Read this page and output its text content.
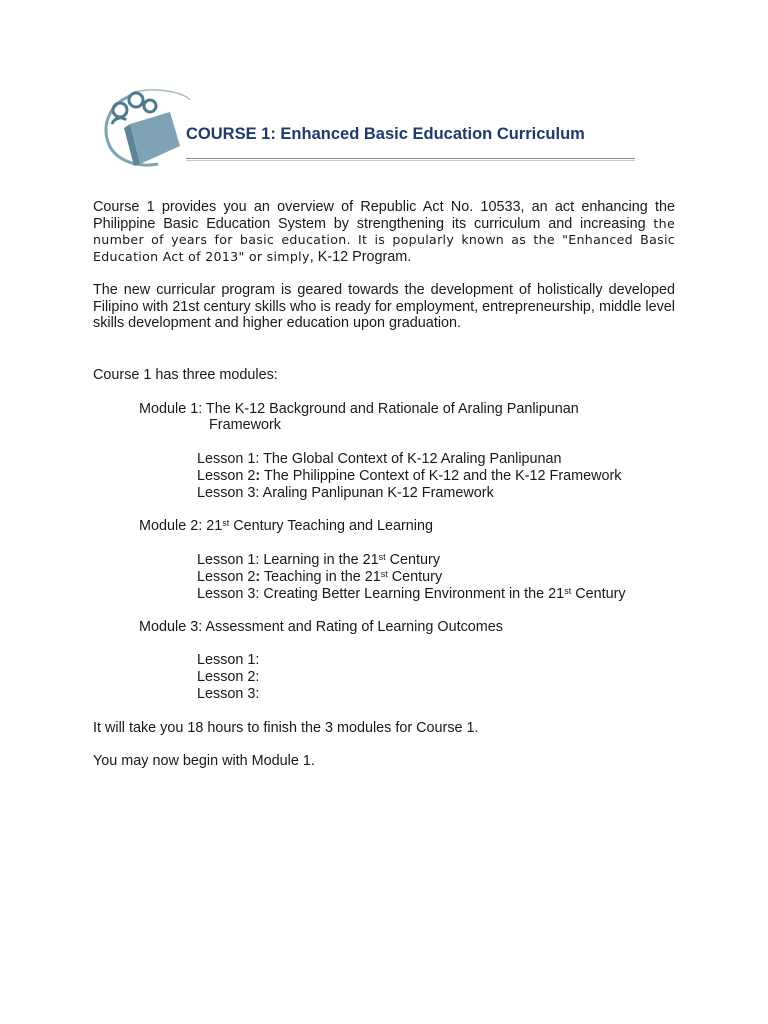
COURSE 1: Enhanced Basic Education Curriculum
Course 1 provides you an overview of Republic Act No. 10533, an act enhancing the Philippine Basic Education System by strengthening its curriculum and increasing the number of years for basic education. It is popularly known as the "Enhanced Basic Education Act of 2013" or simply, K-12 Program.
The new curricular program is geared towards the development of holistically developed Filipino with 21st century skills who is ready for employment, entrepreneurship, middle level skills development and higher education upon graduation.
Course 1 has three modules:
Module 1: The K-12 Background and Rationale of Araling Panlipunan
Framework
Lesson 1: The Global Context of K-12 Araling Panlipunan
Lesson 2: The Philippine Context of K-12 and the K-12 Framework
Lesson 3: Araling Panlipunan K-12 Framework
Module 2: 21st Century Teaching and Learning
Lesson 1: Learning in the 21st Century
Lesson 2: Teaching in the 21st Century
Lesson 3: Creating Better Learning Environment in the 21st Century
Module 3: Assessment and Rating of Learning Outcomes
Lesson 1:
Lesson 2:
Lesson 3:
It will take you 18 hours to finish the 3 modules for Course 1.
You may now begin with Module 1.
